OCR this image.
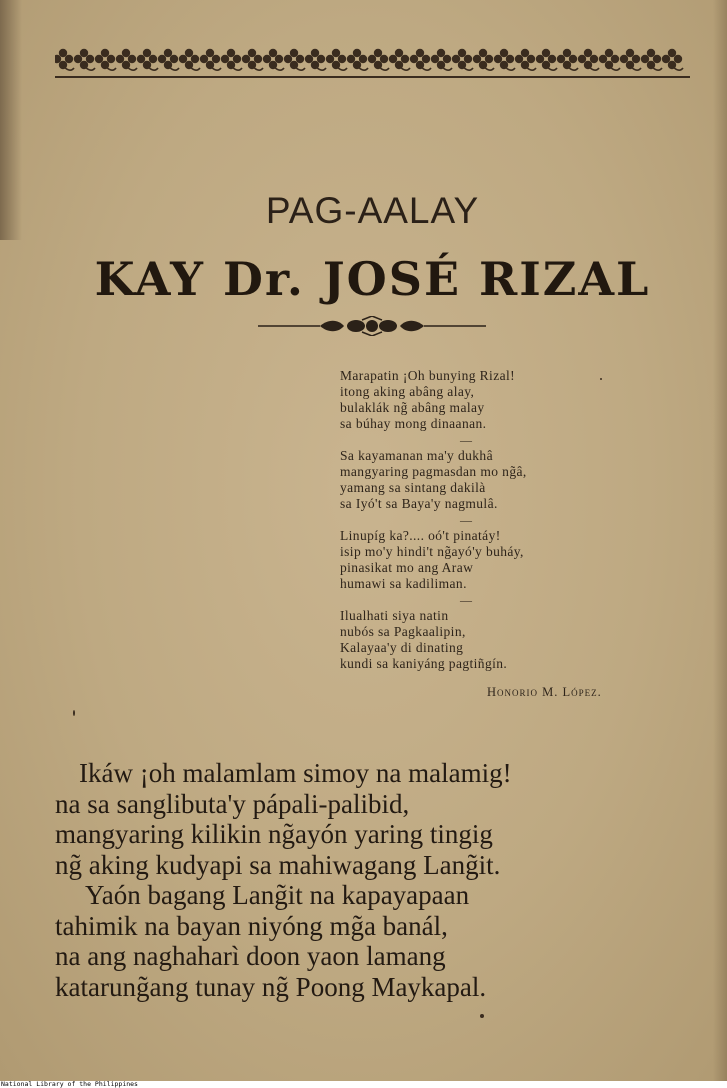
PAG-AALAY
KAY Dr. JOSÉ RIZAL
Marapatin ¡Oh bunying Rizal!
itong aking abâng alay,
bulaklák ng̃ abâng malay
sa búhay mong dinaanan.
—
Sa kayamanan ma'y dukhâ
mangyaring pagmasdan mo ng̃â,
yamang sa sintang dakilà
sa Iyó't sa Baya'y nagmulâ.
—
Linupíg ka?.... oó't pinatáy!
isip mo'y hindi't ng̃ayó'y buháy,
pinasikat mo ang Araw
humawi sa kadiliman.
—
Ilualhati siya natin
nubós sa Pagkaalipin,
Kalayaa'y di dinating
kundi sa kaniyáng pagtiñgín.
Honorio M. López.
Ikáw ¡oh malamlam simoy na malamig!
na sa sanglibuta'y pápali-palibid,
mangyaring kilikin ng̃ayón yaring tingig
ng̃ aking kudyapi sa mahiwagang Lang̃it.
Yaón bagang Lang̃it na kapayapaan
tahimik na bayan niyóng mg̃a banál,
na ang naghaharì doon yaon lamang
katarung̃ang tunay ng̃ Poong Maykapal.
National Library of the Philippines
